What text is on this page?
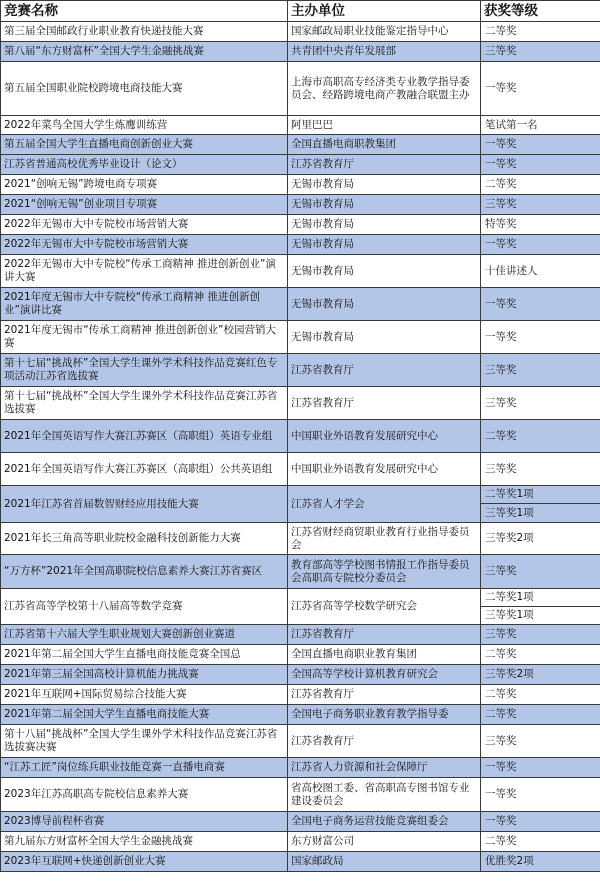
竞赛名称	主办单位	获奖等级
第三届全国邮政行业职业教育快递技能大赛	国家邮政局职业技能鉴定指导中心	二等奖
第八届“东方财富杯”全国大学生金融挑战赛	共青团中央青年发展部	三等奖
第五届全国职业院校跨境电商技能大赛	上海市高职高专经济类专业教学指导委员会、经路跨境电商产教融合联盟主办	一等奖
2022年菜鸟全国大学生炼鹰训练营	阿里巴巴	笔试第一名
第五届全国大学生直播电商创新创业大赛	全国直播电商职教集团	一等奖
江苏省普通高校优秀毕业设计（论文）	江苏省教育厅	一等奖
2021“创响无锡”跨境电商专项赛	无锡市教育局	二等奖
2021“创响无锡”创业项目专项赛	无锡市教育局	三等奖
2022年无锡市大中专院校市场营销大赛	无锡市教育局	特等奖
2022年无锡市大中专院校市场营销大赛	无锡市教育局	一等奖
2022年无锡市大中专院校“传承工商精神 推进创新创业”演讲大赛	无锡市教育局	十佳讲述人
2021年度无锡市大中专院校“传承工商精神 推进创新创业”演讲比赛	无锡市教育局	一等奖
2021年度无锡市“传承工商精神 推进创新创业”校园营销大赛	无锡市教育局	一等奖
第十七届“挑战杯”全国大学生课外学术科技作品竞赛红色专项活动江苏省选拔赛	江苏省教育厅	三等奖
第十七届“挑战杯”全国大学生课外学术科技作品竞赛江苏省选拔赛	江苏省教育厅	三等奖
2021年全国英语写作大赛江苏赛区（高职组）英语专业组	中国职业外语教育发展研究中心	二等奖
2021年全国英语写作大赛江苏赛区（高职组）公共英语组	中国职业外语教育发展研究中心	三等奖
2021年江苏省首届数智财经应用技能大赛	江苏省人才学会	二等奖1项
		三等奖1项
2021年长三角高等职业院校金融科技创新能力大赛	江苏省财经商贸职业教育行业指导委员会	三等奖2项
“万方杯”2021年全国高职院校信息素养大赛江苏省赛区	教育部高等学校图书情报工作指导委员会高职高专院校分委员会	三等奖
江苏省高等学校第十八届高等数学竞赛	江苏省高等学校数学研究会	二等奖1项
		三等奖1项
江苏省第十六届大学生职业规划大赛创新创业赛道	江苏省教育厅	三等奖
2021年第二届全国大学生直播电商技能竞赛全国总	全国直播电商职业教育集团	二等奖
2021年第三届全国高校计算机能力挑战赛	全国高等学校计算机教育研究会	三等奖2项
2021年互联网+国际贸易综合技能大赛	江苏省教育厅	二等奖
2021年第二届全国大学生直播电商技能大赛	全国电子商务职业教育教学指导委	二等奖
第十八届“挑战杯”全国大学生课外学术科技作品竞赛江苏省选拔赛决赛	江苏省教育厅	三等奖
“江苏工匠”岗位练兵职业技能竞赛一直播电商赛	江苏省人力资源和社会保障厅	一等奖
2023年江苏高职高专院校信息素养大赛	省高校图工委、省高职高专图书馆专业建设委员会	一等奖
2023博导前程杯省赛	全国电子商务运营技能竞赛组委会	一等奖
第九届东方财富杯全国大学生金融挑战赛	东方财富公司	二等奖
2023年互联网+快递创新创业大赛	国家邮政局	优胜奖2项
